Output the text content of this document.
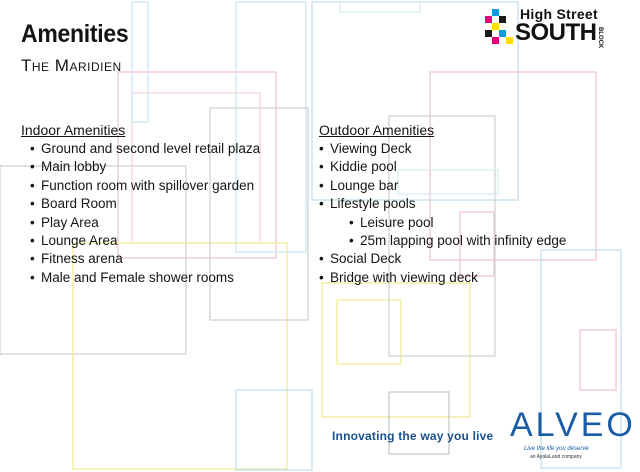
Amenities
The Maridien
High Street
SOUTH BLOCK
Indoor Amenities
• Ground and second level retail plaza
• Main lobby
• Function room with spillover garden
• Board Room
• Play Area
• Lounge Area
• Fitness arena
• Male and Female shower rooms
Outdoor Amenities
• Viewing Deck
• Kiddie pool
• Lounge bar
• Lifestyle pools
• Leisure pool
• 25m lapping pool with infinity edge
• Social Deck
• Bridge with viewing deck
Innovating the way you live ALVEO
Live the life you deserve
an AyalaLand company
